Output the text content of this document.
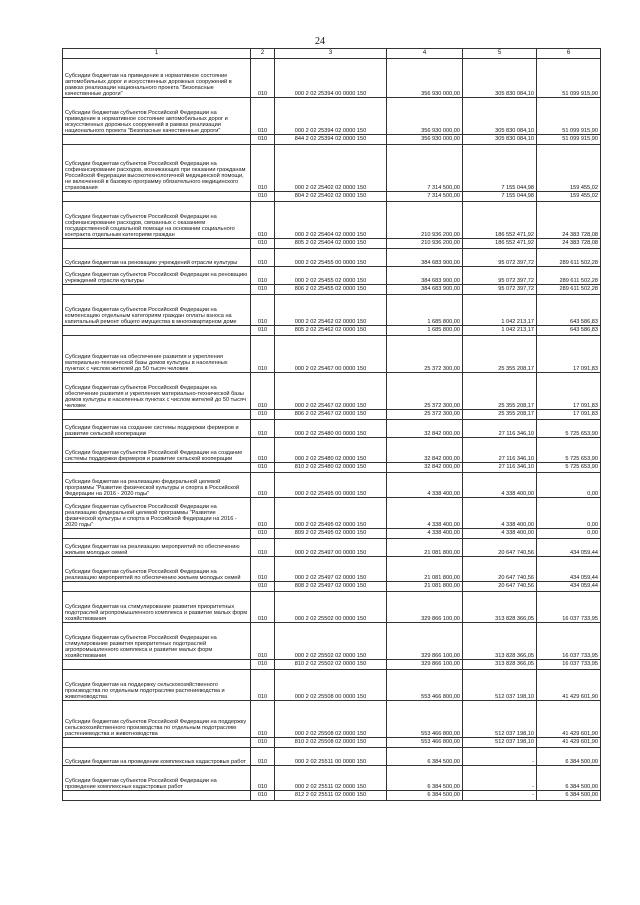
24
1	2	3	4	5	6
Субсидии бюджетам на приведение в нормативное состояние автомобильных дорог и искусственных дорожных сооружений в рамках реализации национального проекта "Безопасные качественные дороги"	010	000 2 02 25394 00 0000 150	356 930 000,00	305 830 084,10	51 099 915,90
Субсидии бюджетам субъектов Российской Федерации на приведение в нормативное состояние автомобильных дорог и искусственных дорожных сооружений в рамках реализации национального проекта "Безопасные качественные дороги"	010	000 2 02 25394 02 0000 150	356 930 000,00	305 830 084,10	51 099 915,90
	010	844 2 02 25394 02 0000 150	356 930 000,00	305 830 084,10	51 099 915,90
Субсидии бюджетам субъектов Российской Федерации на софинансирование расходов, возникающих при оказании гражданам Российской Федерации высокотехнологичной медицинской помощи, не включенной в базовую программу обязательного медицинского страхования	010	000 2 02 25402 02 0000 150	7 314 500,00	7 155 044,98	159 455,02
	010	804 2 02 25402 02 0000 150	7 314 500,00	7 155 044,98	159 455,02
Субсидии бюджетам субъектов Российской Федерации на софинансирование расходов, связанных с оказанием государственной социальной помощи на основании социального контракта отдельным категориям граждан	010	000 2 02 25404 02 0000 150	210 936 200,00	186 552 471,92	24 383 728,08
	010	805 2 02 25404 02 0000 150	210 936 200,00	186 552 471,92	24 383 728,08
Субсидии бюджетам на реновацию учреждений отрасли культуры	010	000 2 02 25455 00 0000 150	384 683 900,00	95 072 397,72	289 611 502,28
Субсидии бюджетам субъектов Российской Федерации на реновацию учреждений отрасли культуры	010	000 2 02 25455 02 0000 150	384 683 900,00	95 072 397,72	289 611 502,28
	010	806 2 02 25455 02 0000 150	384 683 900,00	95 072 397,72	289 611 502,28
Субсидии бюджетам субъектов Российской Федерации на компенсацию отдельным категориям граждан оплаты взноса на капитальный ремонт общего имущества в многоквартирном доме	010	000 2 02 25462 02 0000 150	1 685 800,00	1 042 213,17	643 586,83
	010	805 2 02 25462 02 0000 150	1 685 800,00	1 042 213,17	643 586,83
Субсидии бюджетам на обеспечение развития и укрепления материально-технической базы домов культуры в населенных пунктах с числом жителей до 50 тысяч человек	010	000 2 02 25467 00 0000 150	25 372 300,00	25 355 208,17	17 091,83
Субсидии бюджетам субъектов Российской Федерации на обеспечение развития и укрепления материально-технической базы домов культуры в населенных пунктах с числом жителей до 50 тысяч человек	010	000 2 02 25467 02 0000 150	25 372 300,00	25 355 208,17	17 091,83
	010	806 2 02 25467 02 0000 150	25 372 300,00	25 355 208,17	17 091,83
Субсидии бюджетам на создание системы поддержки фермеров и развитие сельской кооперации	010	000 2 02 25480 00 0000 150	32 842 000,00	27 116 346,10	5 725 653,90
Субсидии бюджетам субъектов Российской Федерации на создание системы поддержки фермеров и развитие сельской кооперации	010	000 2 02 25480 02 0000 150	32 842 000,00	27 116 346,10	5 725 653,90
	010	810 2 02 25480 02 0000 150	32 842 000,00	27 116 346,10	5 725 653,90
Субсидии бюджетам на реализацию федеральной целевой программы "Развитие физической культуры и спорта в Российской Федерации на 2016 - 2020 годы"	010	000 2 02 25495 00 0000 150	4 338 400,00	4 338 400,00	0,00
Субсидии бюджетам субъектов Российской Федерации на реализацию федеральной целевой программы "Развитие физической культуры и спорта в Российской Федерации на 2016 - 2020 годы"	010	000 2 02 25495 02 0000 150	4 338 400,00	4 338 400,00	0,00
	010	809 2 02 25495 02 0000 150	4 338 400,00	4 338 400,00	0,00
Субсидии бюджетам на реализацию мероприятий по обеспечению жильем молодых семей	010	000 2 02 25497 00 0000 150	21 081 800,00	20 647 740,56	434 059,44
Субсидии бюджетам субъектов Российской Федерации на реализацию мероприятий по обеспечению жильем молодых семей	010	000 2 02 25497 02 0000 150	21 081 800,00	20 647 740,56	434 059,44
	010	808 2 02 25497 02 0000 150	21 081 800,00	20 647 740,56	434 059,44
Субсидии бюджетам на стимулирование развития приоритетных подотраслей агропромышленного комплекса и развитие малых форм хозяйствования	010	000 2 02 25502 00 0000 150	329 866 100,00	313 828 366,05	16 037 733,95
Субсидии бюджетам субъектов Российской Федерации на стимулирование развития приоритетных подотраслей агропромышленного комплекса и развитие малых форм хозяйствования	010	000 2 02 25502 02 0000 150	329 866 100,00	313 828 366,05	16 037 733,95
	010	810 2 02 25502 02 0000 150	329 866 100,00	313 828 366,05	16 037 733,95
Субсидии бюджетам на поддержку сельскохозяйственного производства по отдельным подотраслям растениеводства и животноводства	010	000 2 02 25508 00 0000 150	553 466 800,00	512 037 198,10	41 429 601,90
Субсидии бюджетам субъектов Российской Федерации на поддержку сельскохозяйственного производства по отдельным подотраслям растениеводства и животноводства	010	000 2 02 25508 02 0000 150	553 466 800,00	512 037 198,10	41 429 601,90
	010	810 2 02 25508 02 0000 150	553 466 800,00	512 037 198,10	41 429 601,90
Субсидии бюджетам на проведение комплексных кадастровых работ	010	000 2 02 25511 00 0000 150	6 384 500,00	-	6 384 500,00
Субсидии бюджетам субъектов Российской Федерации на проведение комплексных кадастровых работ	010	000 2 02 25511 02 0000 150	6 384 500,00	-	6 384 500,00
	010	812 2 02 25511 02 0000 150	6 384 500,00	-	6 384 500,00
